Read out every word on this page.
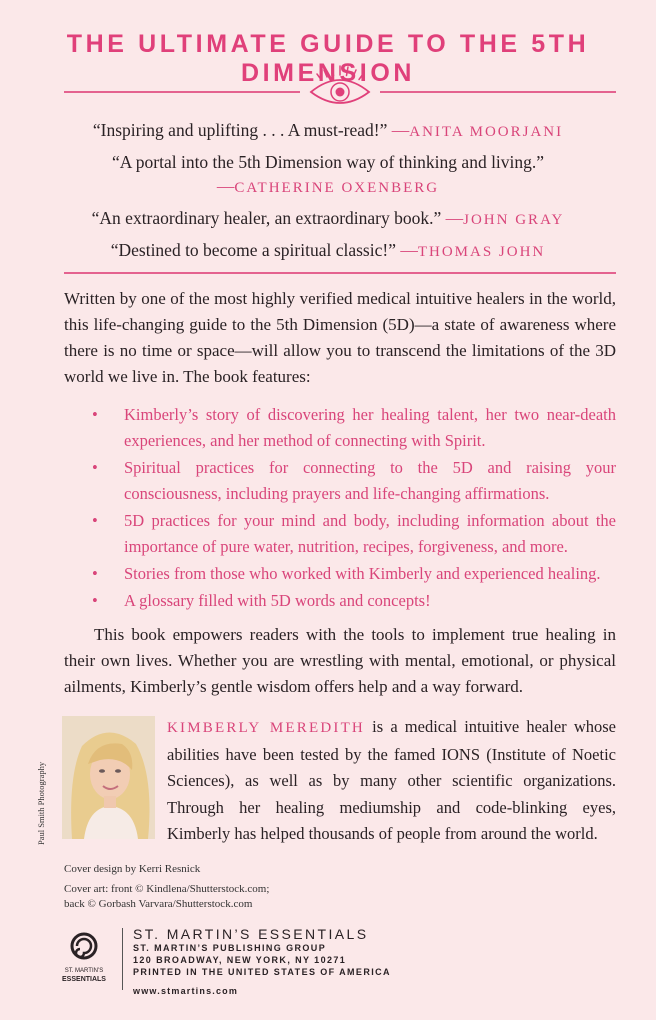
THE ULTIMATE GUIDE TO THE 5TH DIMENSION
“Inspiring and uplifting . . . A must-read!” —ANITA MOORJANI
“A portal into the 5th Dimension way of thinking and living.”
—CATHERINE OXENBERG
“An extraordinary healer, an extraordinary book.” —JOHN GRAY
“Destined to become a spiritual classic!” —THOMAS JOHN

Written by one of the most highly verified medical intuitive healers in the world, this life-changing guide to the 5th Dimension (5D)—a state of awareness where there is no time or space—will allow you to transcend the limitations of the 3D world we live in. The book features:

• Kimberly’s story of discovering her healing talent, her two near-death experiences, and her method of connecting with Spirit.
• Spiritual practices for connecting to the 5D and raising your consciousness, including prayers and life-changing affirmations.
• 5D practices for your mind and body, including information about the importance of pure water, nutrition, recipes, forgiveness, and more.
• Stories from those who worked with Kimberly and experienced healing.
• A glossary filled with 5D words and concepts!

This book empowers readers with the tools to implement true healing in their own lives. Whether you are wrestling with mental, emotional, or physical ailments, Kimberly’s gentle wisdom offers help and a way forward.

Paul Smith Photography

KIMBERLY MEREDITH is a medical intuitive healer whose abilities have been tested by the famed IONS (Institute of Noetic Sciences), as well as by many other scientific organizations. Through her healing mediumship and code-blinking eyes, Kimberly has helped thousands of people from around the world.

Cover design by Kerri Resnick
Cover art: front © Kindlena/Shutterstock.com;
back © Gorbash Varvara/Shutterstock.com
ST. MARTIN’S
ESSENTIALS
ST. MARTIN’S ESSENTIALS
ST. MARTIN’S PUBLISHING GROUP
120 BROADWAY, NEW YORK, NY 10271
PRINTED IN THE UNITED STATES OF AMERICA
www.stmartins.com
